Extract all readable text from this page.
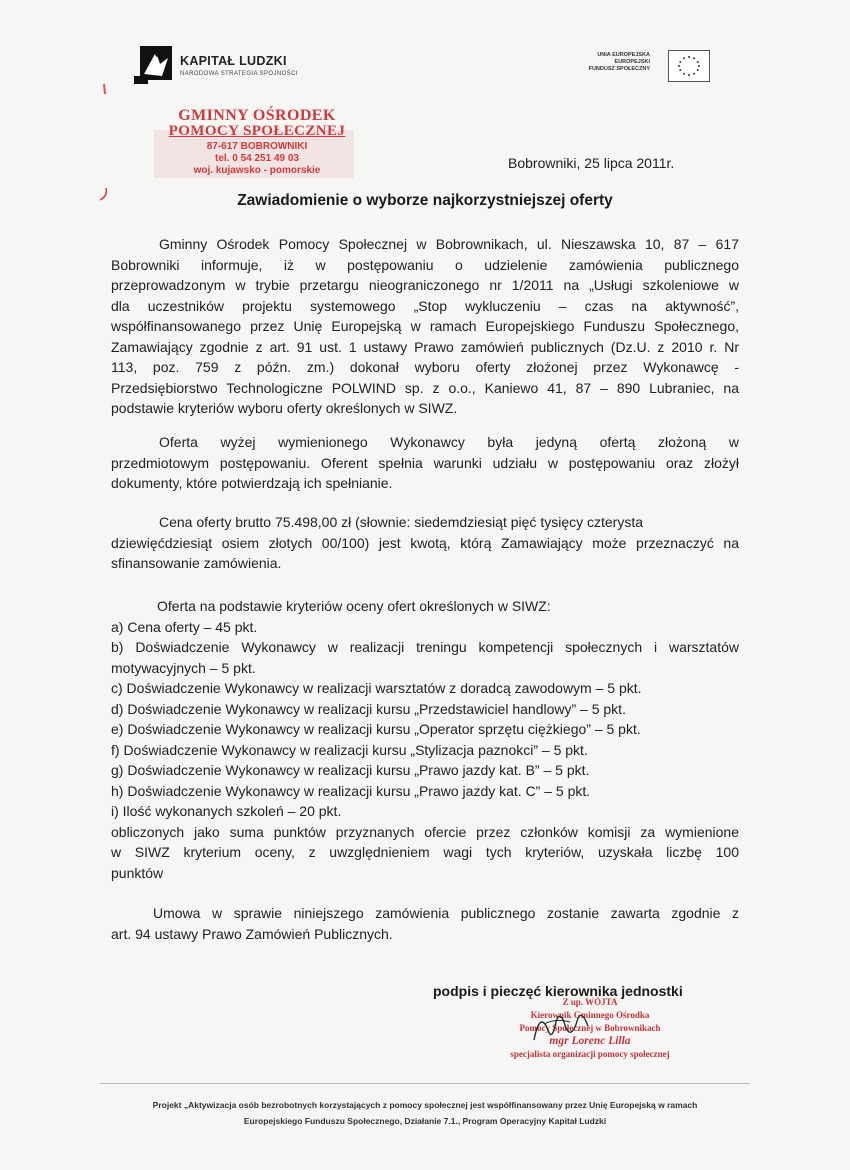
KAPITAŁ LUDZKI
NARODOWA STRATEGIA SPÓJNOŚCI
UNIA EUROPEJSKA
EUROPEJSKI
FUNDUSZ SPOŁECZNY
GMINNY OŚRODEK
POMOCY SPOŁECZNEJ
87-617 BOBROWNIKI
tel. 0 54 251 49 03
woj. kujawsko - pomorskie	Bobrowniki, 25 lipca 2011r.
Zawiadomienie o wyborze najkorzystniejszej oferty
Gminny Ośrodek Pomocy Społecznej w Bobrownikach, ul. Nieszawska 10, 87 – 617
Bobrowniki informuje, iż w postępowaniu o udzielenie zamówienia publicznego
przeprowadzonym w trybie przetargu nieograniczonego nr 1/2011 na „Usługi szkoleniowe w
dla uczestników projektu systemowego „Stop wykluczeniu – czas na aktywność”,
współfinansowanego przez Unię Europejską w ramach Europejskiego Funduszu Społecznego,
Zamawiający zgodnie z art. 91 ust. 1 ustawy Prawo zamówień publicznych (Dz.U. z 2010 r. Nr
113, poz. 759 z późn. zm.) dokonał wyboru oferty złożonej przez Wykonawcę -
Przedsiębiorstwo Technologiczne POLWIND sp. z o.o., Kaniewo 41, 87 – 890 Lubraniec, na
podstawie kryteriów wyboru oferty określonych w SIWZ.
Oferta wyżej wymienionego Wykonawcy była jedyną ofertą złożoną w
przedmiotowym postępowaniu. Oferent spełnia warunki udziału w postępowaniu oraz złożył
dokumenty, które potwierdzają ich spełnianie.
Cena oferty brutto 75.498,00 zł (słownie: siedemdziesiąt pięć tysięcy czterysta
dziewięćdziesiąt osiem złotych 00/100) jest kwotą, którą Zamawiający może przeznaczyć na
sfinansowanie zamówienia.
Oferta na podstawie kryteriów oceny ofert określonych w SIWZ:
a) Cena oferty – 45 pkt.
b) Doświadczenie Wykonawcy w realizacji treningu kompetencji społecznych i warsztatów
motywacyjnych – 5 pkt.
c) Doświadczenie Wykonawcy w realizacji warsztatów z doradcą zawodowym – 5 pkt.
d) Doświadczenie Wykonawcy w realizacji kursu „Przedstawiciel handlowy” – 5 pkt.
e) Doświadczenie Wykonawcy w realizacji kursu „Operator sprzętu ciężkiego” – 5 pkt.
f) Doświadczenie Wykonawcy w realizacji kursu „Stylizacja paznokci” – 5 pkt.
g) Doświadczenie Wykonawcy w realizacji kursu „Prawo jazdy kat. B” – 5 pkt.
h) Doświadczenie Wykonawcy w realizacji kursu „Prawo jazdy kat. C” – 5 pkt.
i) Ilość wykonanych szkoleń – 20 pkt.
obliczonych jako suma punktów przyznanych ofercie przez członków komisji za wymienione
w SIWZ kryterium oceny, z uwzględnieniem wagi tych kryteriów, uzyskała liczbę 100
punktów
Umowa w sprawie niniejszego zamówienia publicznego zostanie zawarta zgodnie z
art. 94 ustawy Prawo Zamówień Publicznych.
podpis i pieczęć kierownika jednostki
Z up. WÓJTA
Kierownik Gminnego Ośrodka
Pomocy Społecznej w Bobrownikach
mgr Lorenc Lilla
specjalista organizacji pomocy społecznej
Projekt „Aktywizacja osób bezrobotnych korzystających z pomocy społecznej jest współfinansowany przez Unię Europejską w ramach
Europejskiego Funduszu Społecznego, Działanie 7.1., Program Operacyjny Kapitał Ludzki
